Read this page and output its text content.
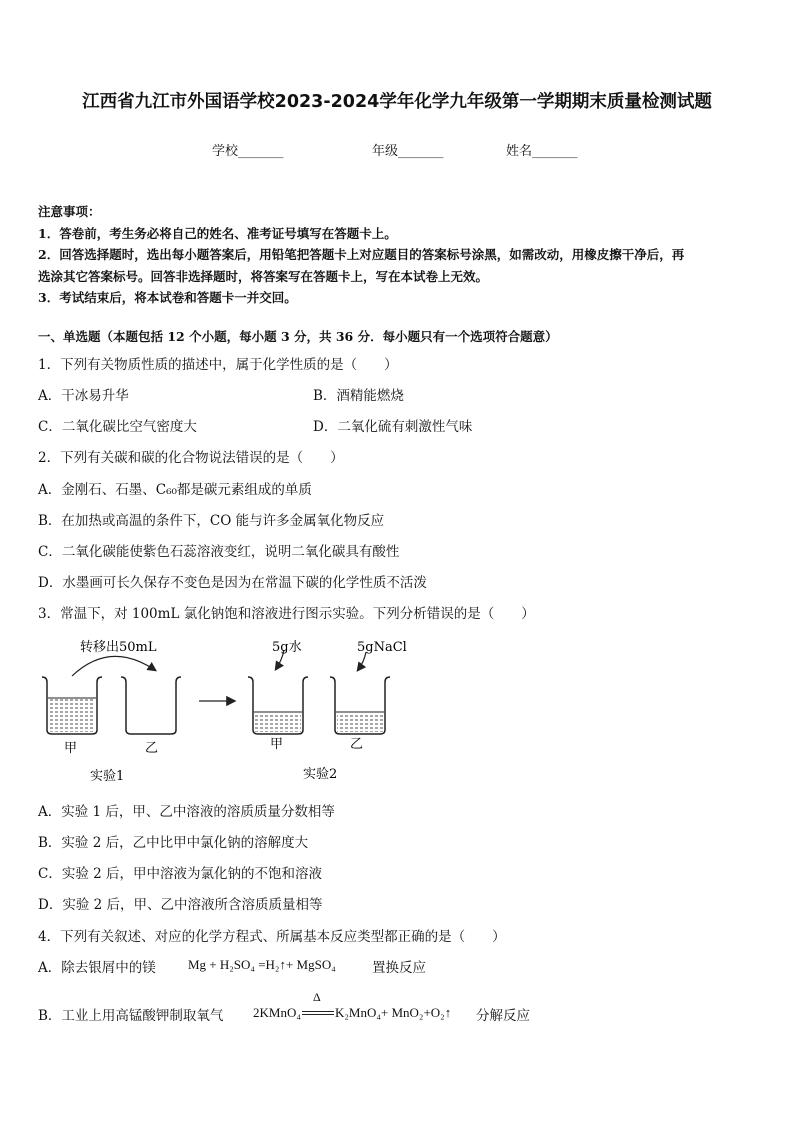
江西省九江市外国语学校2023-2024学年化学九年级第一学期期末质量检测试题
学校_______	年级_______	姓名_______
注意事项：
1．答卷前，考生务必将自己的姓名、准考证号填写在答题卡上。
2．回答选择题时，选出每小题答案后，用铅笔把答题卡上对应题目的答案标号涂黑，如需改动，用橡皮擦干净后，再
选涂其它答案标号。回答非选择题时，将答案写在答题卡上，写在本试卷上无效。
3．考试结束后，将本试卷和答题卡一并交回。
一、单选题（本题包括 12 个小题，每小题 3 分，共 36 分．每小题只有一个选项符合题意）
1．下列有关物质性质的描述中，属于化学性质的是（　　）
A．干冰易升华	B．酒精能燃烧
C．二氧化碳比空气密度大	D．二氧化硫有刺激性气味
2．下列有关碳和碳的化合物说法错误的是（　　）
A．金刚石、石墨、C₆₀都是碳元素组成的单质
B．在加热或高温的条件下，CO 能与许多金属氧化物反应
C．二氧化碳能使紫色石蕊溶液变红，说明二氧化碳具有酸性
D．水墨画可长久保存不变色是因为在常温下碳的化学性质不活泼
3．常温下，对 100mL 氯化钠饱和溶液进行图示实验。下列分析错误的是（　　）
转移出50mL
甲	乙
实验1
5g水	5gNaCl
甲	乙
实验2
A．实验 1 后，甲、乙中溶液的溶质质量分数相等
B．实验 2 后，乙中比甲中氯化钠的溶解度大
C．实验 2 后，甲中溶液为氯化钠的不饱和溶液
D．实验 2 后，甲、乙中溶液所含溶质质量相等
4．下列有关叙述、对应的化学方程式、所属基本反应类型都正确的是（　　）
A．除去银屑中的镁 Mg + H₂SO₄ =H₂↑+ MgSO₄	置换反应
B．工业上用高锰酸钾制取氧气 2KMnO₄
Δ
K₂MnO₄+ MnO₂+O₂↑ 分解反应
